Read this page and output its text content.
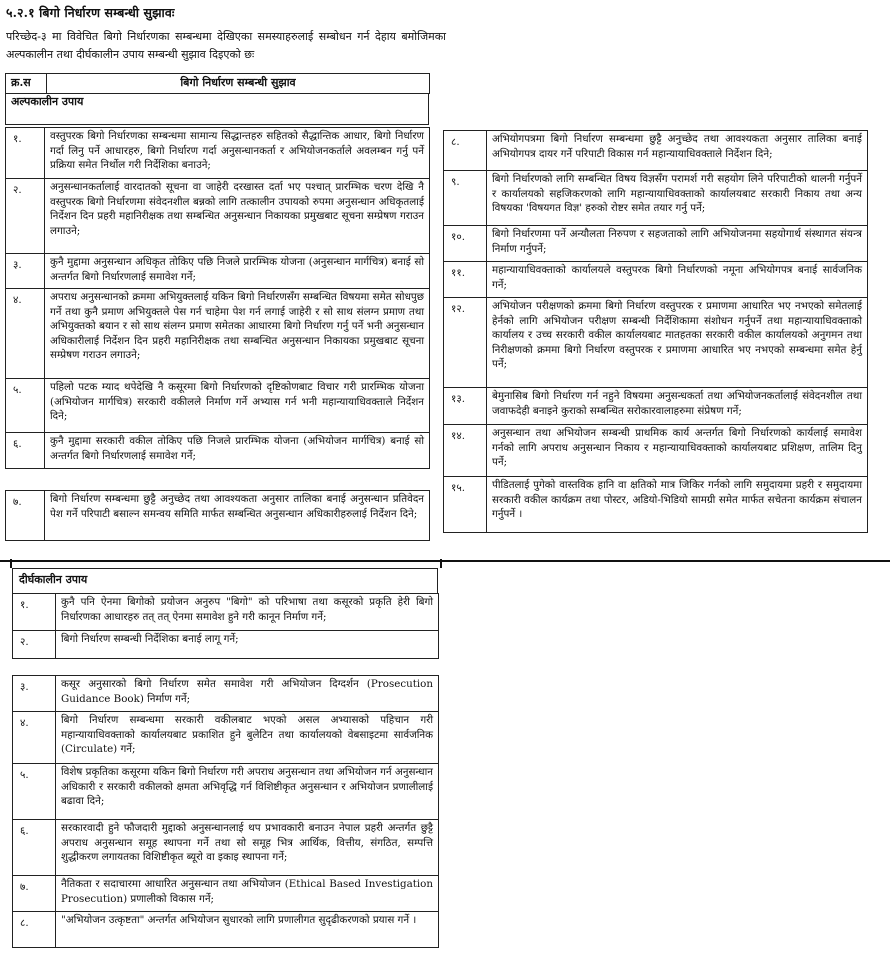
५.२.१ बिगो निर्धारण सम्बन्धी सुझावः
परिच्छेद-३ मा विवेचित बिगो निर्धारणका सम्बन्धमा देखिएका समस्याहरुलाई सम्बोधन गर्न देहाय बमोजिमका अल्पकालीन तथा दीर्घकालीन उपाय सम्बन्धी सुझाव दिइएको छः
क्र.स	बिगो निर्धारण सम्बन्धी सुझाव
अल्पकालीन उपाय
१.	वस्तुपरक बिगो निर्धारणका सम्बन्धमा सामान्य सिद्धान्तहरु सहितको सैद्धान्तिक आधार, बिगो निर्धारण गर्दा लिनु पर्ने आधारहरु, बिगो निर्धारण गर्दा अनुसन्धानकर्ता र अभियोजनकर्ताले अवलम्बन गर्नु पर्ने प्रक्रिया समेत निर्थोल गरी निर्देशिका बनाउने;
२.	अनुसन्धानकर्तालाई वारदातको सूचना वा जाहेरी दरखास्त दर्ता भए पश्चात् प्रारम्भिक चरण देखि नै वस्तुपरक बिगो निर्धारणमा संवेदनशील बन्नको लागि तत्कालीन उपायको रुपमा अनुसन्धान अधिकृतलाई निर्देशन दिन प्रहरी महानिरीक्षक तथा सम्बन्धित अनुसन्धान निकायका प्रमुखबाट सूचना सम्प्रेषण गराउन लगाउने;
३.	कुनै मुद्दामा अनुसन्धान अधिकृत तोकिए पछि निजले प्रारम्भिक योजना (अनुसन्धान मार्गचित्र) बनाई सो अन्तर्गत बिगो निर्धारणलाई समावेश गर्ने;
४.	अपराध अनुसन्धानको क्रममा अभियुक्तलाई यकिन बिगो निर्धारणसँग सम्बन्धित विषयमा समेत सोधपुछ गर्ने तथा कुनै प्रमाण अभियुक्तले पेस गर्न चाहेमा पेश गर्न लगाई जाहेरी र सो साथ संलग्न प्रमाण तथा अभियुक्तको बयान र सो साथ संलग्न प्रमाण समेतका आधारमा बिगो निर्धारण गर्नु पर्ने भनी अनुसन्धान अधिकारीलाई निर्देशन दिन प्रहरी महानिरीक्षक तथा सम्बन्धित अनुसन्धान निकायका प्रमुखबाट सूचना सम्प्रेषण गराउन लगाउने;
५.	पहिलो पटक म्याद थपेदेखि नै कसूरमा बिगो निर्धारणको दृष्टिकोणबाट विचार गरी प्रारम्भिक योजना (अभियोजन मार्गचित्र) सरकारी वकीलले निर्माण गर्ने अभ्यास गर्न भनी महान्यायाधिवक्ताले निर्देशन दिने;
६.	कुनै मुद्दामा सरकारी वकील तोकिए पछि निजले प्रारम्भिक योजना (अभियोजन मार्गचित्र) बनाई सो अन्तर्गत बिगो निर्धारणलाई समावेश गर्ने;
७.	बिगो निर्धारण सम्बन्धमा छुट्टै अनुच्छेद तथा आवश्यकता अनुसार तालिका बनाई अनुसन्धान प्रतिवेदन पेश गर्ने परिपाटी बसाल्न समन्वय समिति मार्फत सम्बन्धित अनुसन्धान अधिकारीहरुलाई निर्देशन दिने;
८.	अभियोगपत्रमा बिगो निर्धारण सम्बन्धमा छुट्टै अनुच्छेद तथा आवश्यकता अनुसार तालिका बनाई अभियोगपत्र दायर गर्ने परिपाटी विकास गर्न महान्यायाधिवक्ताले निर्देशन दिने;
९.	बिगो निर्धारणको लागि सम्बन्धित विषय विज्ञसँग परामर्श गरी सहयोग लिने परिपाटीको थालनी गर्नुपर्ने र कार्यालयको सहजिकरणको लागि महान्यायाधिवक्ताको कार्यालयबाट सरकारी निकाय तथा अन्य विषयका 'विषयगत विज्ञ' हरुको रोष्टर समेत तयार गर्नु पर्ने;
१०.	बिगो निर्धारणमा पर्ने अन्यौलता निरुपण र सहजताको लागि अभियोजनमा सहयोगार्थ संस्थागत संयन्त्र निर्माण गर्नुपर्ने;
११.	महान्यायाधिवक्ताको कार्यालयले वस्तुपरक बिगो निर्धारणको नमूना अभियोगपत्र बनाई सार्वजनिक गर्ने;
१२.	अभियोजन परीक्षणको क्रममा बिगो निर्धारण वस्तुपरक र प्रमाणमा आधारित भए नभएको समेतलाई हेर्नको लागि अभियोजन परीक्षण सम्बन्धी निर्देशिकामा संशोधन गर्नुपर्ने तथा महान्यायाधिवक्ताको कार्यालय र उच्च सरकारी वकील कार्यालयबाट मातहतका सरकारी वकील कार्यालयको अनुगमन तथा निरीक्षणको क्रममा बिगो निर्धारण वस्तुपरक र प्रमाणमा आधारित भए नभएको सम्बन्धमा समेत हेर्नु पर्ने;
१३.	बेमुनासिब बिगो निर्धारण गर्न नहुने विषयमा अनुसन्धकर्ता तथा अभियोजनकर्तालाई संवेदनशील तथा जवाफदेही बनाइने कुराको सम्बन्धित सरोकारवालाहरुमा संप्रेषण गर्ने;
१४.	अनुसन्धान तथा अभियोजन सम्बन्धी प्राथमिक कार्य अन्तर्गत बिगो निर्धारणको कार्यलाई समावेश गर्नको लागि अपराध अनुसन्धान निकाय र महान्यायाधिवक्ताको कार्यालयबाट प्रशिक्षण, तालिम दिनु पर्ने;
१५.	पीडितलाई पुगेको वास्तविक हानि वा क्षतिको मात्र जिकिर गर्नको लागि समुदायमा प्रहरी र समुदायमा सरकारी वकील कार्यक्रम तथा पोस्टर, अडियो-भिडियो सामग्री समेत मार्फत सचेतना कार्यक्रम संचालन गर्नुपर्ने ।
दीर्घकालीन उपाय
१.	कुनै पनि ऐनमा बिगोको प्रयोजन अनुरुप "बिगो" को परिभाषा तथा कसूरको प्रकृति हेरी बिगो निर्धारणका आधारहरु तत् तत् ऐनमा समावेश हुने गरी कानून निर्माण गर्ने;
२.	बिगो निर्धारण सम्बन्धी निर्देशिका बनाई लागू गर्ने;
३.	कसूर अनुसारको बिगो निर्धारण समेत समावेश गरी अभियोजन दिग्दर्शन (Prosecution Guidance Book) निर्माण गर्ने;
४.	बिगो निर्धारण सम्बन्धमा सरकारी वकीलबाट भएको असल अभ्यासको पहिचान गरी महान्यायाधिवक्ताको कार्यालयबाट प्रकाशित हुने बुलेटिन तथा कार्यालयको वेबसाइटमा सार्वजनिक (Circulate) गर्ने;
५.	विशेष प्रकृतिका कसूरमा यकिन बिगो निर्धारण गरी अपराध अनुसन्धान तथा अभियोजन गर्न अनुसन्धान अधिकारी र सरकारी वकीलको क्षमता अभिवृद्धि गर्न विशिष्टीकृत अनुसन्धान र अभियोजन प्रणालीलाई बढावा दिने;
६.	सरकारवादी हुने फौजदारी मुद्दाको अनुसन्धानलाई थप प्रभावकारी बनाउन नेपाल प्रहरी अन्तर्गत छुट्टै अपराध अनुसन्धान समूह स्थापना गर्ने तथा सो समूह भित्र आर्थिक, वित्तीय, संगठित, सम्पत्ति शुद्धीकरण लगायतका विशिष्टीकृत ब्यूरो वा इकाइ स्थापना गर्ने;
७.	नैतिकता र सदाचारमा आधारित अनुसन्धान तथा अभियोजन (Ethical Based Investigation Prosecution) प्रणालीको विकास गर्ने;
८.	"अभियोजन उत्कृष्टता" अन्तर्गत अभियोजन सुधारको लागि प्रणालीगत सुदृढीकरणको प्रयास गर्ने ।
